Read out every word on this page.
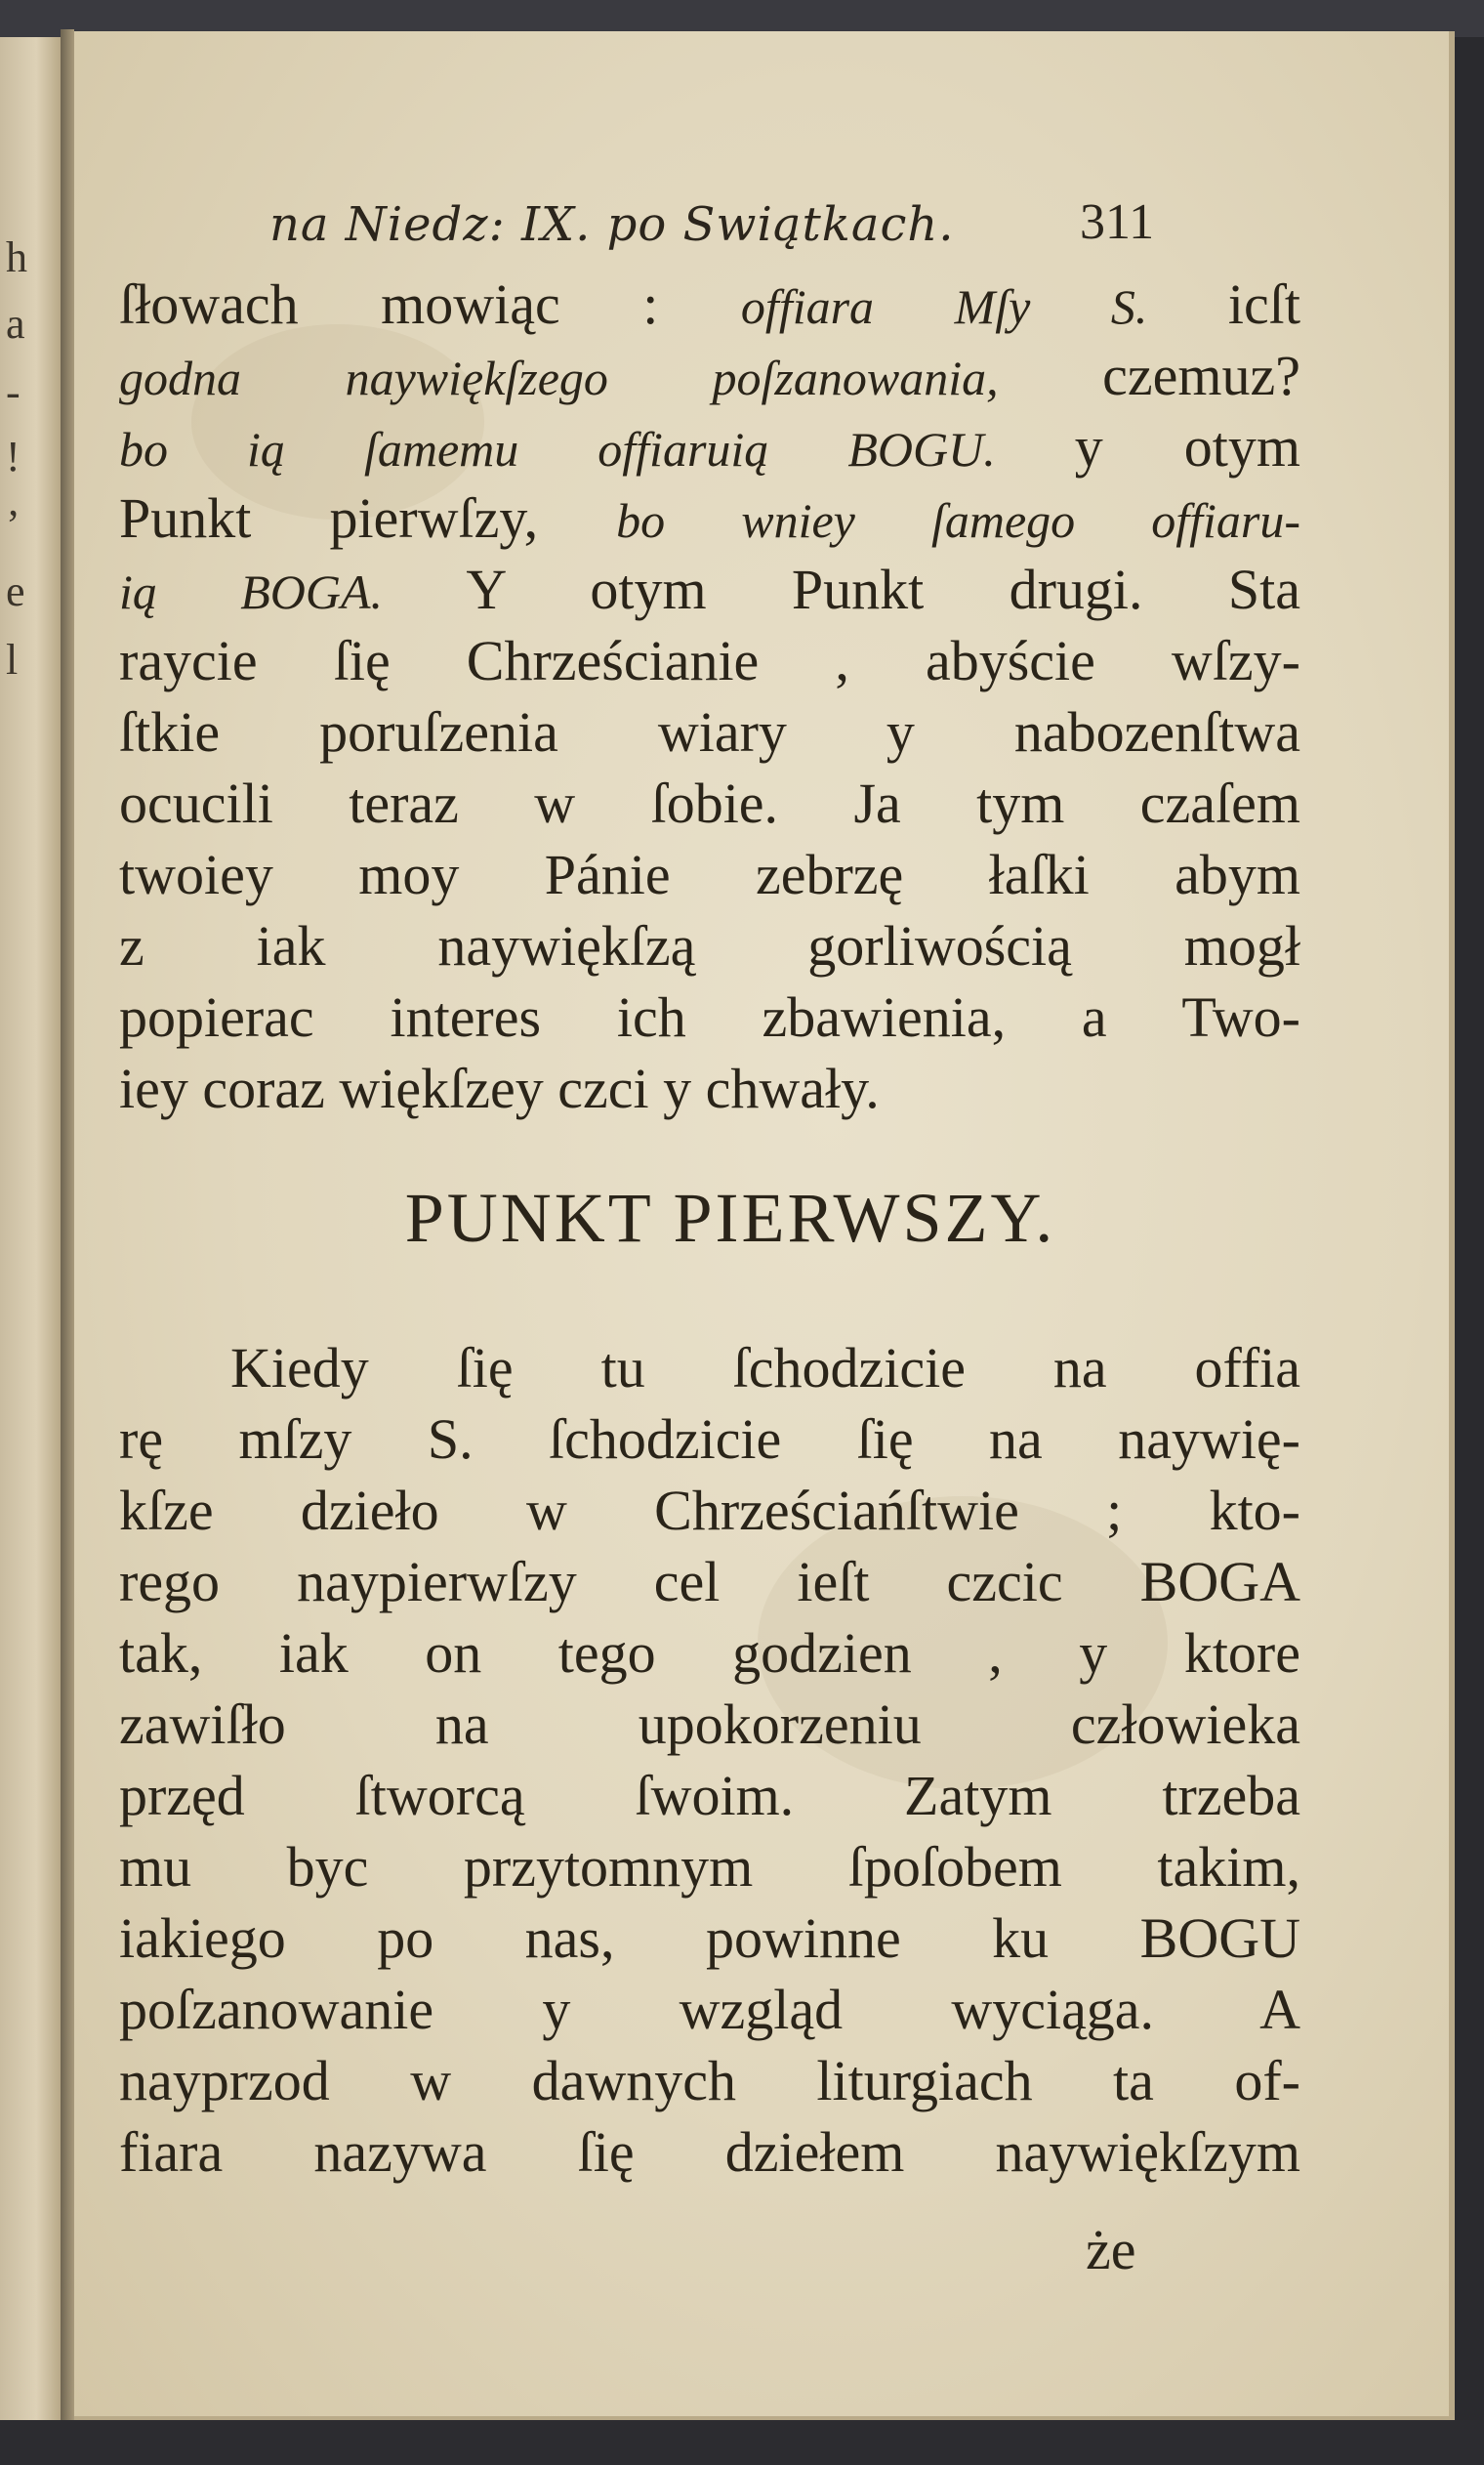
h
a
-
!
’
e
l
na Niedz: IX. po Swiątkach. 311
ſłowach mowiąc : offiara Mſy S. icſt
godna naywiękſzego poſzanowania, czemuz?
bo ią ſamemu offiaruią BOGU. y otym
Punkt pierwſzy, bo wniey ſamego offiaru-
ią BOGA. Y otym Punkt drugi. Sta
raycie ſię Chrześcianie , abyście wſzy-
ſtkie poruſzenia wiary y nabozenſtwa
ocucili teraz w ſobie. Ja tym czaſem
twoiey moy Pánie zebrzę łaſki abym
z iak naywiękſzą gorliwością mogł
popierac interes ich zbawienia, a Two-
iey coraz więkſzey czci y chwały.
PUNKT PIERWSZY.
Kiedy ſię tu ſchodzicie na offia
rę mſzy S. ſchodzicie ſię na naywię-
kſze dzieło w Chrześciańſtwie ; kto-
rego naypierwſzy cel ieſt czcic BOGA
tak, iak on tego godzien , y ktore
zawiſło na upokorzeniu człowieka
przęd ſtworcą ſwoim. Zatym trzeba
mu byc przytomnym ſpoſobem takim,
iakiego po nas, powinne ku BOGU
poſzanowanie y wzgląd wyciąga. A
nayprzod w dawnych liturgiach ta of-
fiara nazywa ſię dziełem naywiękſzym
że
